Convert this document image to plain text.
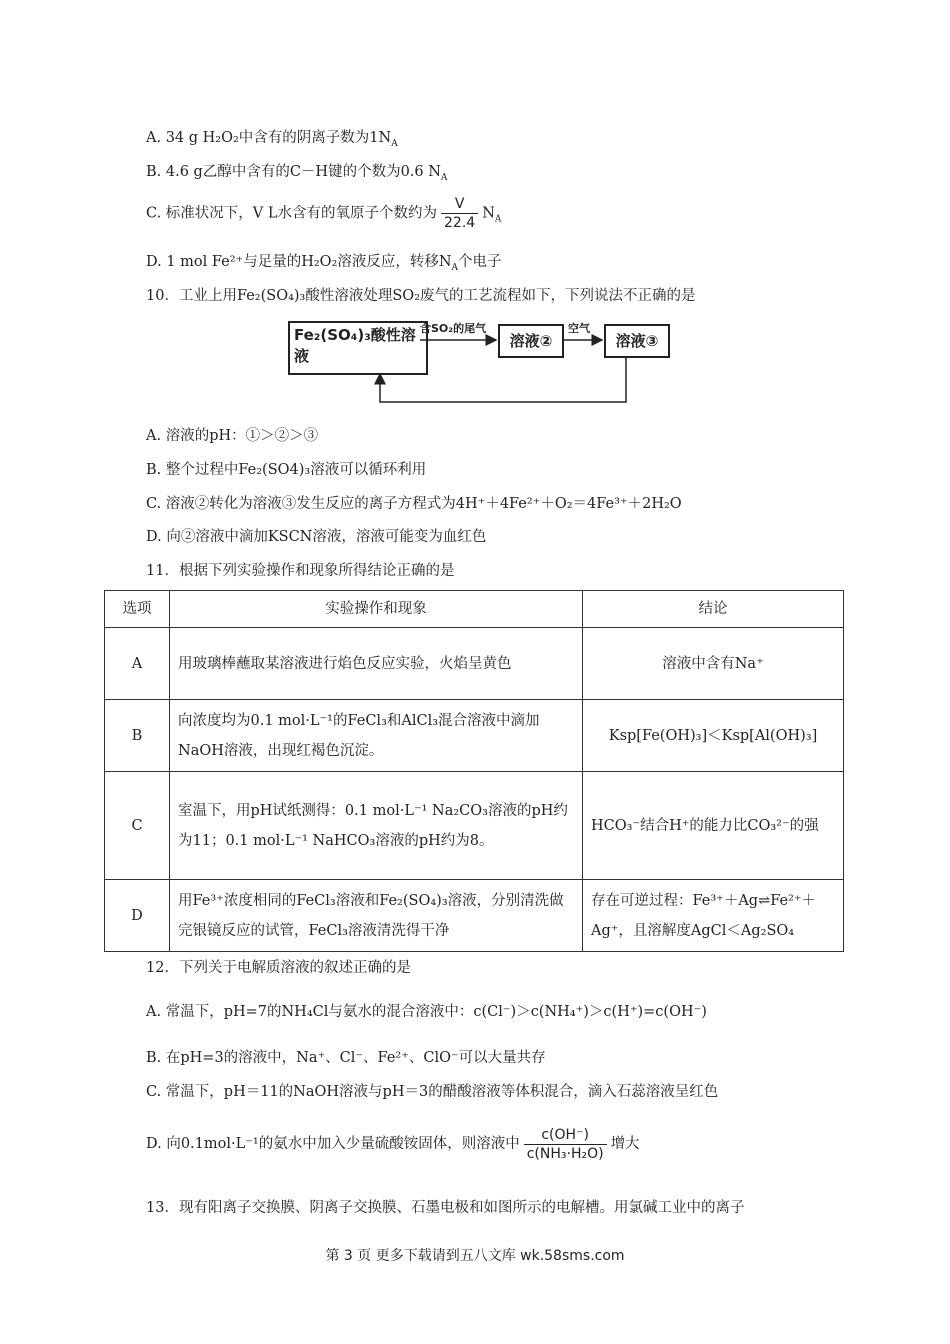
A. 34 g H₂O₂中含有的阴离子数为$1N_A$
B. 4.6 g乙醇中含有的C－H键的个数为0.6 $N_A$
C. 标准状况下，V L水含有的氧原子个数约为 $\frac{V}{22.4} N_A$
D. 1 mol Fe²⁺与足量的H₂O₂溶液反应，转移$N_A$个电子
10．工业上用Fe₂(SO₄)₃酸性溶液处理SO₂废气的工艺流程如下，下列说法不正确的是
Fe₂(SO₄)₃酸性溶液
溶液②	溶液③
含SO₂的尾气	空气
A. 溶液的pH：①＞②＞③
B. 整个过程中Fe₂(SO4)₃溶液可以循环利用
C. 溶液②转化为溶液③发生反应的离子方程式为4H⁺＋4Fe²⁺＋O₂＝4Fe³⁺＋2H₂O
D. 向②溶液中滴加KSCN溶液，溶液可能变为血红色
11．根据下列实验操作和现象所得结论正确的是
选项	实验操作和现象	结论
A	用玻璃棒蘸取某溶液进行焰色反应实验，火焰呈黄色	溶液中含有Na⁺
B	向浓度均为0.1 mol·L⁻¹的FeCl₃和AlCl₃混合溶液中滴加NaOH溶液，出现红褐色沉淀。	Ksp[Fe(OH)₃]＜Ksp[Al(OH)₃]
C	室温下，用pH试纸测得：0.1 mol·L⁻¹ Na₂CO₃溶液的pH约为11；0.1 mol·L⁻¹ NaHCO₃溶液的pH约为8。	HCO₃⁻结合H⁺的能力比CO₃²⁻的强
D	用Fe³⁺浓度相同的FeCl₃溶液和Fe₂(SO₄)₃溶液，分别清洗做完银镜反应的试管，FeCl₃溶液清洗得干净	存在可逆过程：Fe³⁺＋Ag⇌Fe²⁺＋Ag⁺，且溶解度AgCl＜Ag₂SO₄
12．下列关于电解质溶液的叙述正确的是
A. 常温下，pH=7的NH₄Cl与氨水的混合溶液中：c(Cl⁻)＞c(NH₄⁺)＞c(H⁺)=c(OH⁻)
B. 在pH=3的溶液中，Na⁺、Cl⁻、Fe²⁺、ClO⁻可以大量共存
C. 常温下，pH＝11的NaOH溶液与pH＝3的醋酸溶液等体积混合，滴入石蕊溶液呈红色
D. 向0.1mol·L⁻¹的氨水中加入少量硫酸铵固体，则溶液中 $\frac{c(OH^-)}{\text{c(NH₃·H₂O)}}$ 增大
13．现有阳离子交换膜、阴离子交换膜、石墨电极和如图所示的电解槽。用氯碱工业中的离子
第 3 页 更多下载请到五八文库 wk.58sms.com
